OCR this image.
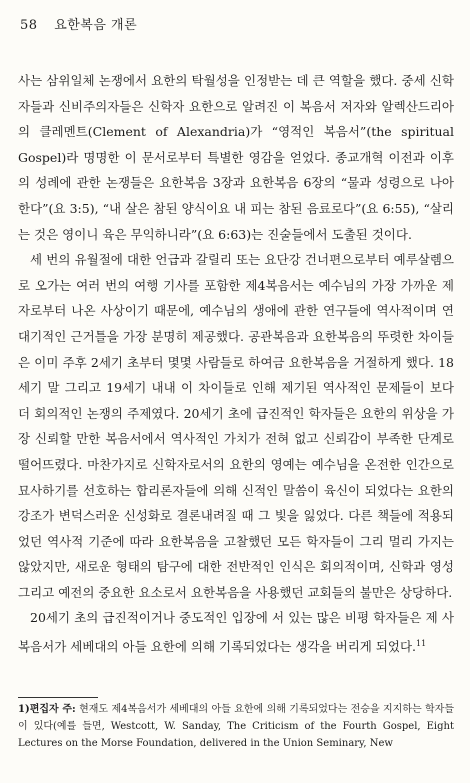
58 요한복음 개론

사는 삼위일체 논쟁에서 요한의 탁월성을 인정받는 데 큰 역할을 했다. 중세 신학자들과 신비주의자들은 신학자 요한으로 알려진 이 복음서 저자와 알렉산드리아의 클레멘트(Clement of Alexandria)가 “영적인 복음서”(the spiritual Gospel)라 명명한 이 문서로부터 특별한 영감을 얻었다. 종교개혁 이전과 이후의 성례에 관한 논쟁들은 요한복음 3장과 요한복음 6장의 “물과 성령으로 나아한다”(요 3:5), “내 살은 참된 양식이요 내 피는 참된 음료로다”(요 6:55), “살리는 것은 영이니 육은 무익하니라”(요 6:63)는 진술들에서 도출된 것이다.

세 번의 유월절에 대한 언급과 갈릴리 또는 요단강 건너편으로부터 예루살렘으로 오가는 여러 번의 여행 기사를 포함한 제4복음서는 예수님의 가장 가까운 제자로부터 나온 사상이기 때문에, 예수님의 생애에 관한 연구들에 역사적이며 연대기적인 근거틀을 가장 분명히 제공했다. 공관복음과 요한복음의 뚜렷한 차이들은 이미 주후 2세기 초부터 몇몇 사람들로 하여금 요한복음을 거절하게 했다. 18세기 말 그리고 19세기 내내 이 차이들로 인해 제기된 역사적인 문제들이 보다 더 회의적인 논쟁의 주제였다. 20세기 초에 급진적인 학자들은 요한의 위상을 가장 신뢰할 만한 복음서에서 역사적인 가치가 전혀 없고 신뢰감이 부족한 단계로 떨어뜨렸다. 마찬가지로 신학자로서의 요한의 영예는 예수님을 온전한 인간으로 묘사하기를 선호하는 합리론자들에 의해 신적인 말씀이 육신이 되었다는 요한의 강조가 변덕스러운 신성화로 결론내려질 때 그 빛을 잃었다. 다른 책들에 적용되었던 역사적 기준에 따라 요한복음을 고찰했던 모든 학자들이 그리 멀리 가지는 않았지만, 새로운 형태의 탐구에 대한 전반적인 인식은 회의적이며, 신학과 영성 그리고 예전의 중요한 요소로서 요한복음을 사용했던 교회들의 불만은 상당하다.

20세기 초의 급진적이거나 중도적인 입장에 서 있는 많은 비평 학자들은 제 사복음서가 세베대의 아들 요한에 의해 기록되었다는 생각을 버리게 되었다.$^{11}$

1)편집자 주: 현재도 제4복음서가 세베대의 아들 요한에 의해 기록되었다는 전승을 지지하는 학자들이 있다(예를 들면, Westcott, W. Sanday, The Criticism of the Fourth Gospel, Eight Lectures on the Morse Foundation, delivered in the Union Seminary, New
